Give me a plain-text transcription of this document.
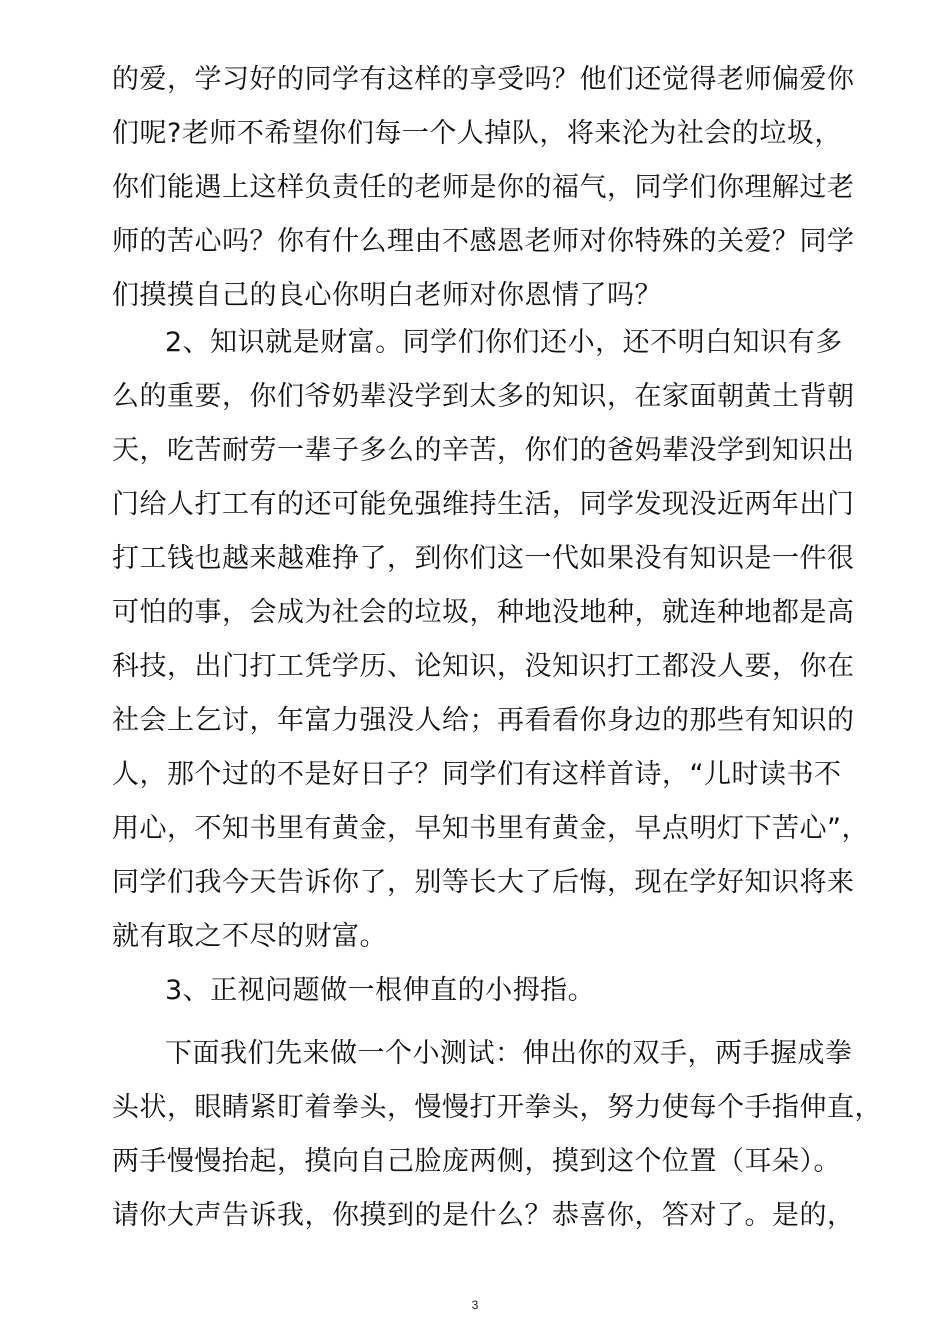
的爱，学习好的同学有这样的享受吗？他们还觉得老师偏爱你
们呢?老师不希望你们每一个人掉队，将来沦为社会的垃圾，
你们能遇上这样负责任的老师是你的福气，同学们你理解过老
师的苦心吗？你有什么理由不感恩老师对你特殊的关爱？同学
们摸摸自己的良心你明白老师对你恩情了吗？
2、知识就是财富。同学们你们还小，还不明白知识有多
么的重要，你们爷奶辈没学到太多的知识，在家面朝黄土背朝
天，吃苦耐劳一辈子多么的辛苦，你们的爸妈辈没学到知识出
门给人打工有的还可能免强维持生活，同学发现没近两年出门
打工钱也越来越难挣了，到你们这一代如果没有知识是一件很
可怕的事，会成为社会的垃圾，种地没地种，就连种地都是高
科技，出门打工凭学历、论知识，没知识打工都没人要，你在
社会上乞讨，年富力强没人给；再看看你身边的那些有知识的
人，那个过的不是好日子？同学们有这样首诗，“儿时读书不
用心，不知书里有黄金，早知书里有黄金，早点明灯下苦心”，
同学们我今天告诉你了，别等长大了后悔，现在学好知识将来
就有取之不尽的财富。
3、正视问题做一根伸直的小拇指。
下面我们先来做一个小测试：伸出你的双手，两手握成拳
头状，眼睛紧盯着拳头，慢慢打开拳头，努力使每个手指伸直，
两手慢慢抬起，摸向自己脸庞两侧，摸到这个位置（耳朵）。
请你大声告诉我，你摸到的是什么？恭喜你，答对了。是的，
3
